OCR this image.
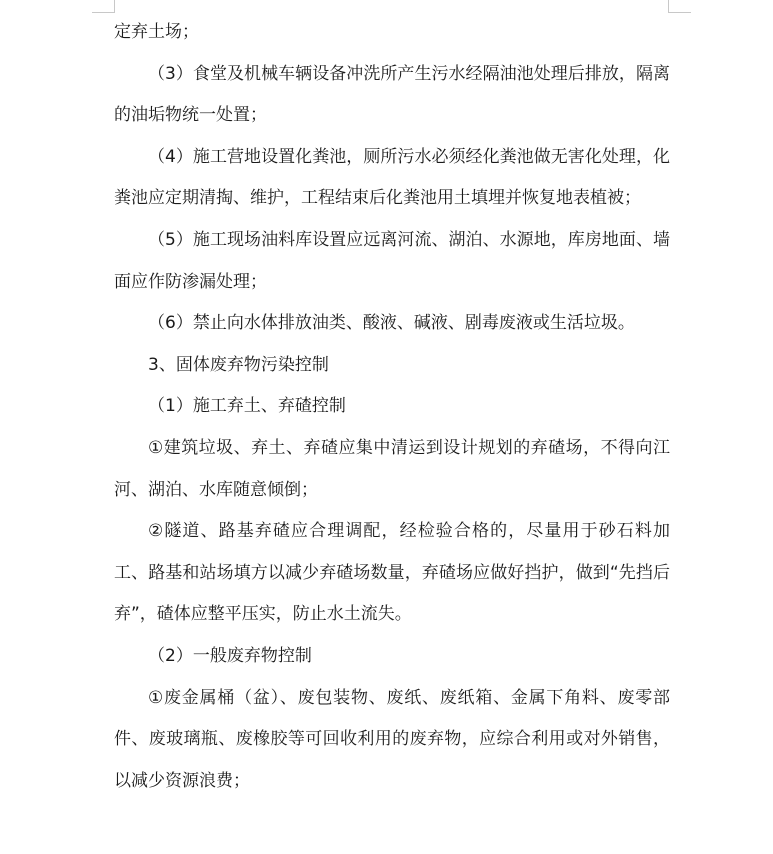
定弃土场；

（3）食堂及机械车辆设备冲洗所产生污水经隔油池处理后排放，隔离的油垢物统一处置；

（4）施工营地设置化粪池，厕所污水必须经化粪池做无害化处理，化粪池应定期清掏、维护，工程结束后化粪池用土填埋并恢复地表植被；

（5）施工现场油料库设置应远离河流、湖泊、水源地，库房地面、墙面应作防渗漏处理；

（6）禁止向水体排放油类、酸液、碱液、剧毒废液或生活垃圾。

3、固体废弃物污染控制

（1）施工弃土、弃碴控制

①建筑垃圾、弃土、弃碴应集中清运到设计规划的弃碴场，不得向江河、湖泊、水库随意倾倒；

②隧道、路基弃碴应合理调配，经检验合格的，尽量用于砂石料加工、路基和站场填方以减少弃碴场数量，弃碴场应做好挡护，做到“先挡后弃”，碴体应整平压实，防止水土流失。

（2）一般废弃物控制

①废金属桶（盆）、废包装物、废纸、废纸箱、金属下角料、废零部件、废玻璃瓶、废橡胶等可回收利用的废弃物，应综合利用或对外销售，以减少资源浪费；
